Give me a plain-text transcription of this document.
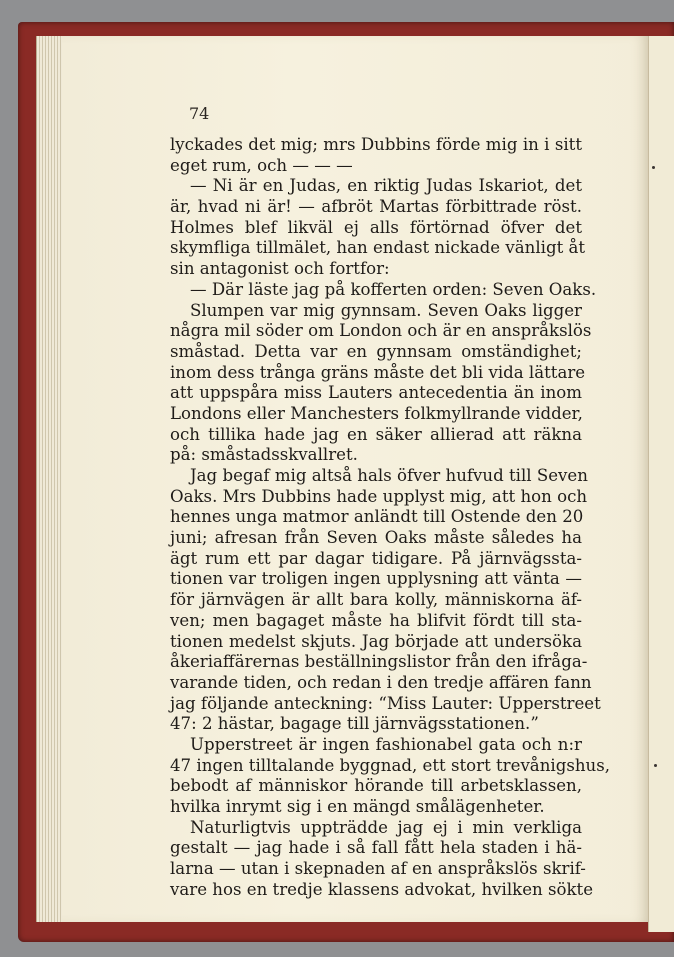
74
lyckades det mig; mrs Dubbins förde mig in i sitt
eget rum, och — — —
— Ni är en Judas, en riktig Judas Iskariot, det
är, hvad ni är! — afbröt Martas förbittrade röst.
Holmes blef likväl ej alls förtörnad öfver det
skymfliga tillmälet, han endast nickade vänligt åt
sin antagonist och fortfor:
— Där läste jag på kofferten orden: Seven Oaks.
Slumpen var mig gynnsam. Seven Oaks ligger
några mil söder om London och är en anspråkslös
småstad. Detta var en gynnsam omständighet;
inom dess trånga gräns måste det bli vida lättare
att uppspåra miss Lauters antecedentia än inom
Londons eller Manchesters folkmyllrande vidder,
och tillika hade jag en säker allierad att räkna
på: småstadsskvallret.
Jag begaf mig altså hals öfver hufvud till Seven
Oaks. Mrs Dubbins hade upplyst mig, att hon och
hennes unga matmor anländt till Ostende den 20
juni; afresan från Seven Oaks måste således ha
ägt rum ett par dagar tidigare. På järnvägssta-
tionen var troligen ingen upplysning att vänta —
för järnvägen är allt bara kolly, människorna äf-
ven; men bagaget måste ha blifvit fördt till sta-
tionen medelst skjuts. Jag började att undersöka
åkeriaffärernas beställningslistor från den ifråga-
varande tiden, och redan i den tredje affären fann
jag följande anteckning: “Miss Lauter: Upperstreet
47: 2 hästar, bagage till järnvägsstationen.”
Upperstreet är ingen fashionabel gata och n:r
47 ingen tilltalande byggnad, ett stort trevånigshus,
bebodt af människor hörande till arbetsklassen,
hvilka inrymt sig i en mängd smålägenheter.
Naturligtvis uppträdde jag ej i min verkliga
gestalt — jag hade i så fall fått hela staden i hä-
larna — utan i skepnaden af en anspråkslös skrif-
vare hos en tredje klassens advokat, hvilken sökte
